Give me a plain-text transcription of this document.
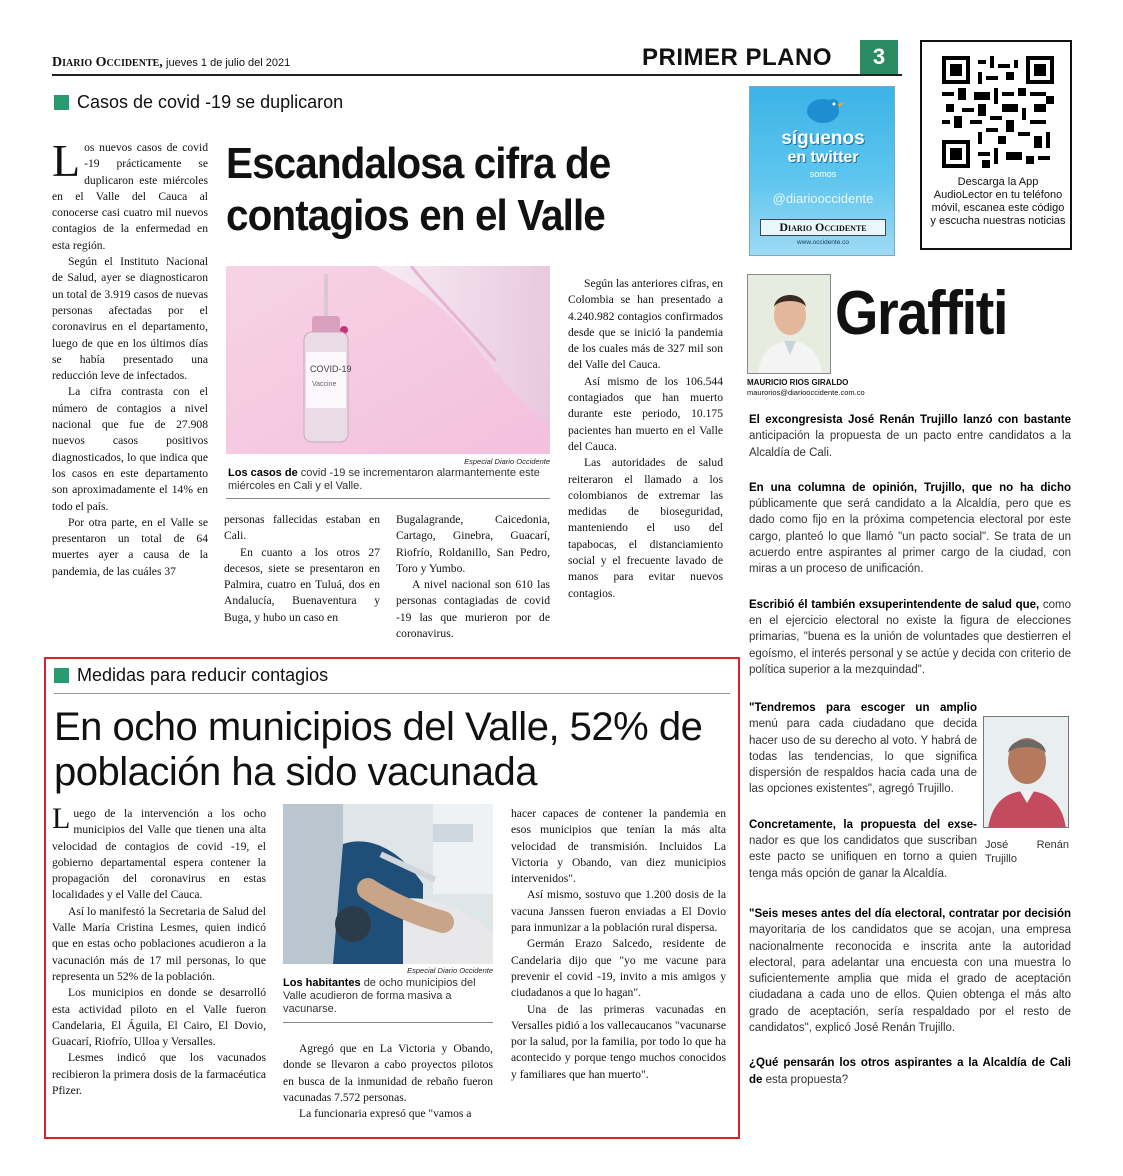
Diario Occidente, jueves 1 de julio del 2021	PRIMER PLANO	3
Casos de covid -19 se duplicaron
Escandalosa cifra de contagios en el Valle

Los nuevos casos de covid -19 prácticamente se duplicaron este miércoles en el Valle del Cauca al conocerse casi cuatro mil nuevos contagios de la enfermedad en esta región.

Según el Instituto Nacional de Salud, ayer se diagnosticaron un total de 3.919 casos de nuevas personas afectadas por el coronavirus en el departamento, luego de que en los últimos días se había presentado una reducción leve de infectados.

La cifra contrasta con el número de contagios a nivel nacional que fue de 27.908 nuevos casos positivos diagnosticados, lo que indica que los casos en este departamento son aproximadamente el 14% en todo el país.

Por otra parte, en el Valle se presentaron un total de 64 muertes ayer a causa de la pandemia, de las cuáles 37

COVID-19
Vaccine
Especial Diario Occidente
Los casos de covid -19 se incrementaron alarmantemente este miércoles en Cali y el Valle.

personas fallecidas estaban en Cali.

En cuanto a los otros 27 decesos, siete se presentaron en Palmira, cuatro en Tuluá, dos en Andalucía, Buenaventura y Buga, y hubo un caso en

Bugalagrande, Caicedonia, Cartago, Ginebra, Guacarí, Riofrío, Roldanillo, San Pedro, Toro y Yumbo.

A nivel nacional son 610 las personas contagiadas de covid -19 las que murieron por de coronavirus.

Según las anteriores cifras, en Colombia se han presentado a 4.240.982 contagios confirmados desde que se inició la pandemia de los cuales más de 327 mil son del Valle del Cauca.

Así mismo de los 106.544 contagiados que han muerto durante este periodo, 10.175 pacientes han muerto en el Valle del Cauca.

Las autoridades de salud reiteraron el llamado a los colombianos de extremar las medidas de bioseguridad, manteniendo el uso del tapabocas, el distanciamiento social y el frecuente lavado de manos para evitar nuevos contagios.

Medidas para reducir contagios
En ocho municipios del Valle, 52% de población ha sido vacunada

Luego de la intervención a los ocho municipios del Valle que tienen una alta velocidad de contagios de covid -19, el gobierno departamental espera contener la propagación del coronavirus en estas localidades y el Valle del Cauca.

Así lo manifestó la Secretaria de Salud del Valle María Cristina Lesmes, quien indicó que en estas ocho poblaciones acudieron a la vacunación más de 17 mil personas, lo que representa un 52% de la población.

Los municipios en donde se desarrolló esta actividad piloto en el Valle fueron Candelaria, El Águila, El Cairo, El Dovio, Guacarí, Riofrío, Ulloa y Versalles.

Lesmes indicó que los vacunados recibieron la primera dosis de la farmacéutica Pfizer.

Especial Diario Occidente
Los habitantes de ocho municipios del Valle acudieron de forma masiva a vacunarse.

Agregó que en La Victoria y Obando, donde se llevaron a cabo proyectos pilotos en busca de la inmunidad de rebaño fueron vacunadas 7.572 personas.

La funcionaria expresó que "vamos a

hacer capaces de contener la pandemia en esos municipios que tenían la más alta velocidad de transmisión. Incluidos La Victoria y Obando, van diez municipios intervenidos".

Así mismo, sostuvo que 1.200 dosis de la vacuna Janssen fueron enviadas a El Dovio para inmunizar a la población rural dispersa.

Germán Erazo Salcedo, residente de Candelaria dijo que "yo me vacune para prevenir el covid -19, invito a mis amigos y ciudadanos a que lo hagan".

Una de las primeras vacunadas en Versalles pidió a los vallecaucanos "vacunarse por la salud, por la familia, por todo lo que ha acontecido y porque tengo muchos conocidos y familiares que han muerto".

síguenos
en twitter
somos
@diariooccidente
Diario Occidente
www.occidente.co
Descarga la App AudioLector en tu teléfono móvil, escanea este código y escucha nuestras noticias
Graffiti
MAURICIO RIOS GIRALDO
maurorios@diariooccidente.com.co

El excongresista José Renán Trujillo lanzó con bastante anticipación la propuesta de un pacto entre candidatos a la Alcaldía de Cali.

En una columna de opinión, Trujillo, que no ha dicho públicamente que será candidato a la Alcaldía, pero que es dado como fijo en la próxima competencia electoral por este cargo, planteó lo que llamó "un pacto social". Se trata de un acuerdo entre aspirantes al primer cargo de la ciudad, con miras a un proceso de unificación.

Escribió él también exsuperintendente de salud que, como en el ejercicio electoral no existe la figura de elecciones primarias, "buena es la unión de voluntades que destierren el egoísmo, el interés personal y se actúe y decida con criterio de política superior a la mezquindad".

"Tendremos para escoger un amplio menú para cada ciudadano que decida hacer uso de su derecho al voto. Y habrá de todas las tendencias, lo que significa dispersión de respaldos hacia cada una de las opciones existentes", agregó Trujillo.

Concretamente, la propuesta del exse- nador es que los candidatos que suscriban este pacto se unifiquen en torno a quien tenga más opción de ganar la Alcaldía.

José Renán Trujillo

"Seis meses antes del día electoral, contratar por decisión mayoritaria de los candidatos que se acojan, una empresa nacionalmente reconocida e inscrita ante la autoridad electoral, para adelantar una encuesta con una muestra lo suficientemente amplia que mida el grado de aceptación ciudadana a cada uno de ellos. Quien obtenga el más alto grado de aceptación, sería respaldado por el resto de candidatos", explicó José Renán Trujillo.

¿Qué pensarán los otros aspirantes a la Alcaldía de Cali de esta propuesta?
